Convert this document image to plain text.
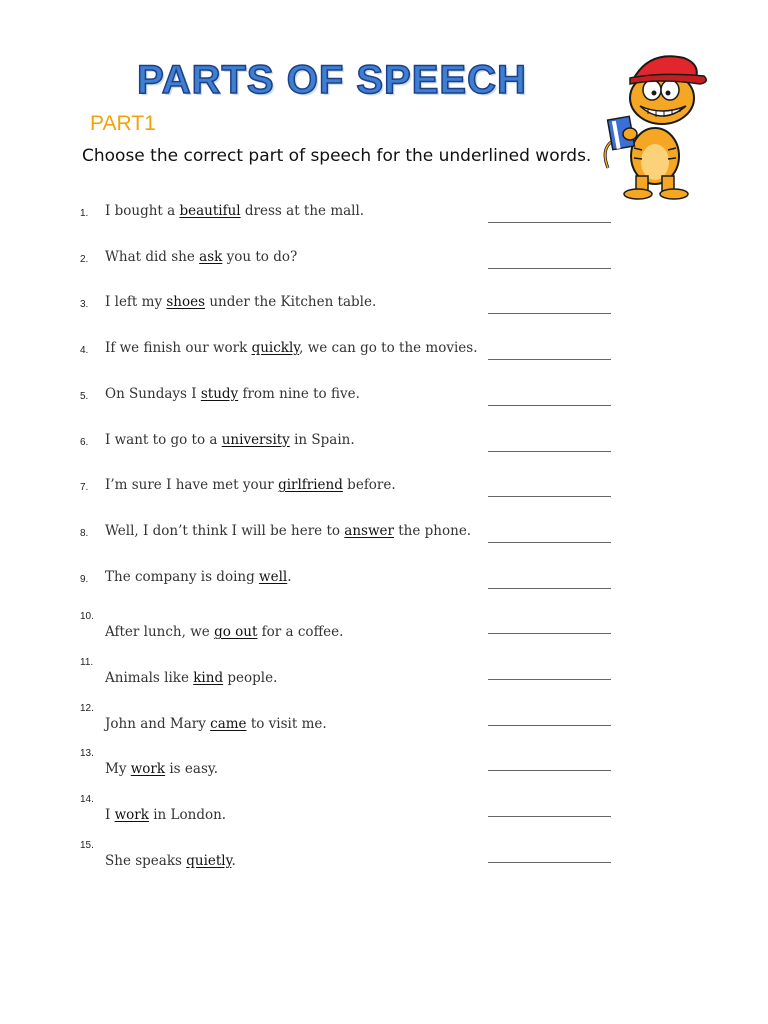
PARTS OF SPEECH
PART1
Choose the correct part of speech for the underlined words.
1. I bought a beautiful dress at the mall.
2. What did she ask you to do?
3. I left my shoes under the Kitchen table.
4. If we finish our work quickly, we can go to the movies.
5. On Sundays I study from nine to five.
6. I want to go to a university in Spain.
7. I’m sure I have met your girlfriend before.
8. Well, I don’t think I will be here to answer the phone.
9. The company is doing well.
10.
After lunch, we go out for a coffee.
11.
Animals like kind people.
12.
John and Mary came to visit me.
13.
My work is easy.
14.
I work in London.
15.
She speaks quietly.
